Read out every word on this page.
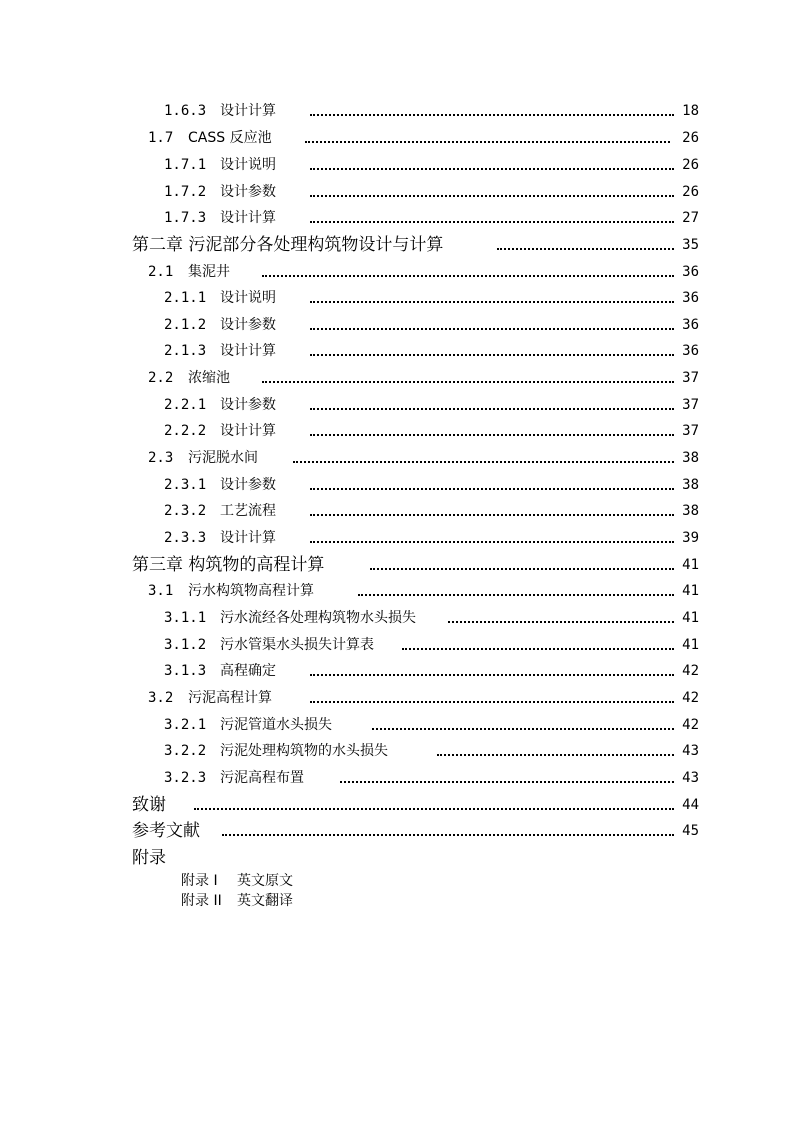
1.6.3 设计计算	18
1.7 CASS 反应池	26
1.7.1 设计说明	26
1.7.2 设计参数	26
1.7.3 设计计算	27
第二章 污泥部分各处理构筑物设计与计算	35
2.1 集泥井	36
2.1.1 设计说明	36
2.1.2 设计参数	36
2.1.3 设计计算	36
2.2 浓缩池	37
2.2.1 设计参数	37
2.2.2 设计计算	37
2.3 污泥脱水间	38
2.3.1 设计参数	38
2.3.2 工艺流程	38
2.3.3 设计计算	39
第三章 构筑物的高程计算	41
3.1 污水构筑物高程计算	41
3.1.1 污水流经各处理构筑物水头损失	41
3.1.2 污水管渠水头损失计算表	41
3.1.3 高程确定	42
3.2 污泥高程计算	42
3.2.1 污泥管道水头损失	42
3.2.2 污泥处理构筑物的水头损失	43
3.2.3 污泥高程布置	43
致谢	44
参考文献	45
附录
附录 I 英文原文
附录 II 英文翻译
